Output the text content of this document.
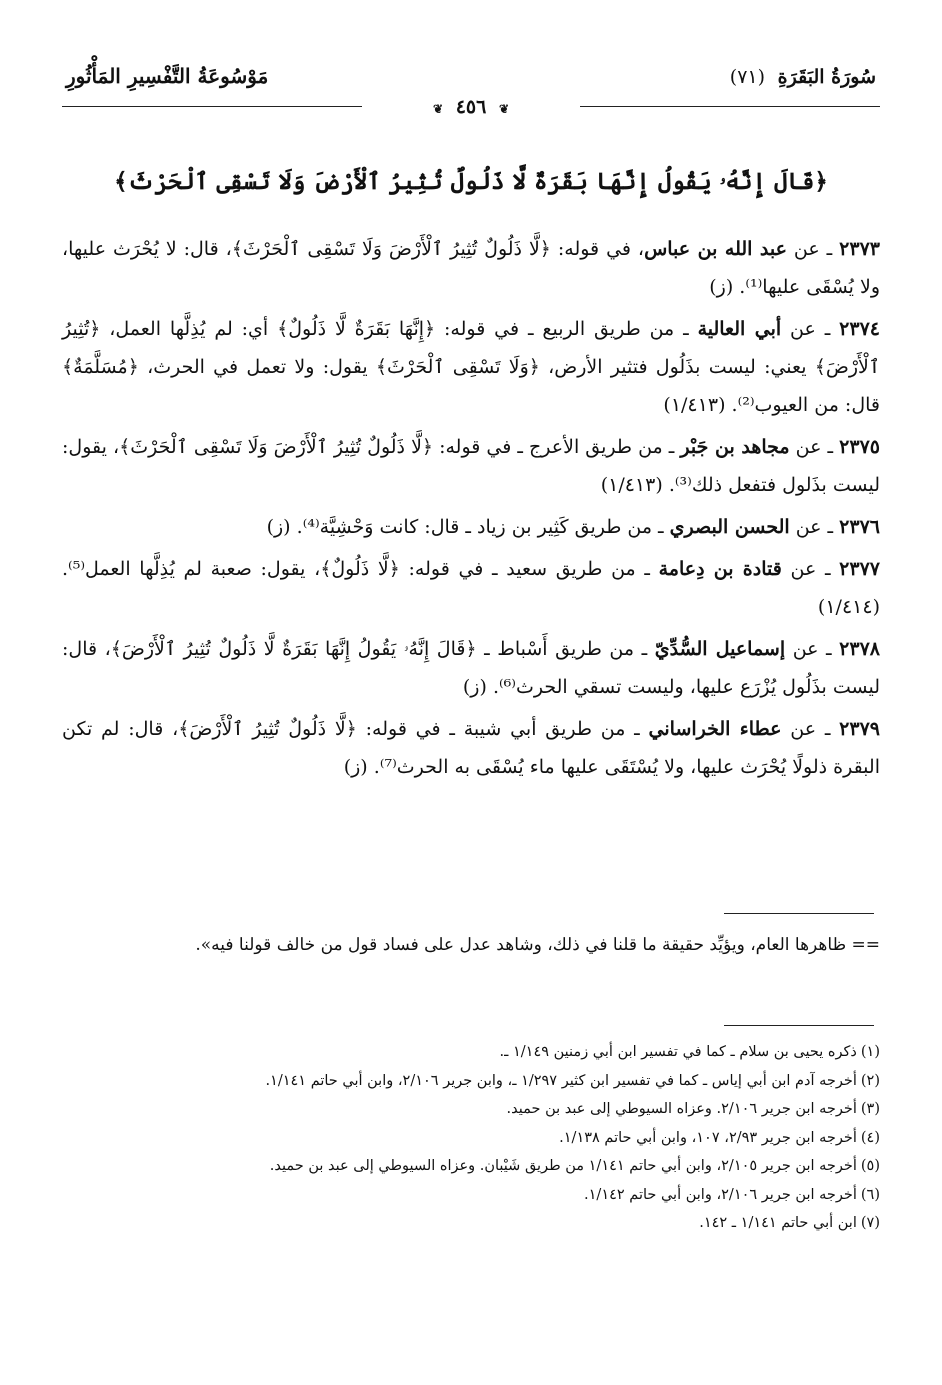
سُورَةُ البَقَرَةِ (٧١)
مَوْسُوعَةُ التَّفْسِيرِ المَأْثُورِ
❦ ٤٥٦ ❦
﴿قَالَ إِنَّهُۥ يَقُولُ إِنَّهَا بَقَرَةٌ لَّا ذَلُولٌ تُثِيرُ ٱلْأَرْضَ وَلَا تَسْقِى ٱلْحَرْثَ﴾

٢٣٧٣ ـ عن عبد الله بن عباس، في قوله: ﴿لَّا ذَلُولٌ تُثِيرُ ٱلْأَرْضَ وَلَا تَسْقِى ٱلْحَرْثَ﴾، قال: لا يُحْرَث عليها، ولا يُسْقَى عليها⁽¹⁾. (ز)

٢٣٧٤ ـ عن أبي العالية ـ من طريق الربيع ـ في قوله: ﴿إِنَّهَا بَقَرَةٌ لَّا ذَلُولٌ﴾ أي: لم يُذِلَّها العمل، ﴿تُثِيرُ ٱلْأَرْضَ﴾ يعني: ليست بذَلُول فتثير الأرض، ﴿وَلَا تَسْقِى ٱلْحَرْثَ﴾ يقول: ولا تعمل في الحرث، ﴿مُسَلَّمَةٌ﴾ قال: من العيوب⁽²⁾. (١/٤١٣)

٢٣٧٥ ـ عن مجاهد بن جَبْر ـ من طريق الأعرج ـ في قوله: ﴿لَّا ذَلُولٌ تُثِيرُ ٱلْأَرْضَ وَلَا تَسْقِى ٱلْحَرْثَ﴾، يقول: ليست بذَلول فتفعل ذلك⁽³⁾. (١/٤١٣)

٢٣٧٦ ـ عن الحسن البصري ـ من طريق كَثِير بن زياد ـ قال: كانت وَحْشِيَّة⁽⁴⁾. (ز)

٢٣٧٧ ـ عن قتادة بن دِعامة ـ من طريق سعيد ـ في قوله: ﴿لَّا ذَلُولٌ﴾، يقول: صعبة لم يُذِلَّها العمل⁽⁵⁾. (١/٤١٤)

٢٣٧٨ ـ عن إسماعيل السُّدِّيّ ـ من طريق أَسْباط ـ ﴿قَالَ إِنَّهُۥ يَقُولُ إِنَّهَا بَقَرَةٌ لَّا ذَلُولٌ تُثِيرُ ٱلْأَرْضَ﴾، قال: ليست بذَلُول يُزْرَع عليها، وليست تسقي الحرث⁽⁶⁾. (ز)

٢٣٧٩ ـ عن عطاء الخراساني ـ من طريق أبي شيبة ـ في قوله: ﴿لَّا ذَلُولٌ تُثِيرُ ٱلْأَرْضَ﴾، قال: لم تكن البقرة ذلولًا يُحْرَث عليها، ولا يُسْتَقَى عليها ماء يُسْقَى به الحرث⁽⁷⁾. (ز)

== ظاهرها العام، ويؤيِّد حقيقة ما قلنا في ذلك، وشاهد عدل على فساد قول من خالف قولنا فيه».

(١)ذكره يحيى بن سلام ـ كما في تفسير ابن أبي زمنين ١/١٤٩ ـ.

(٢)أخرجه آدم ابن أبي إياس ـ كما في تفسير ابن كثير ١/٢٩٧ ـ، وابن جرير ٢/١٠٦، وابن أبي حاتم ١/١٤١.

(٣)أخرجه ابن جرير ٢/١٠٦. وعزاه السيوطي إلى عبد بن حميد.

(٤)أخرجه ابن جرير ٢/٩٣، ١٠٧، وابن أبي حاتم ١/١٣٨.

(٥)أخرجه ابن جرير ٢/١٠٥، وابن أبي حاتم ١/١٤١ من طريق شَيْبان. وعزاه السيوطي إلى عبد بن حميد.

(٦)أخرجه ابن جرير ٢/١٠٦، وابن أبي حاتم ١/١٤٢.

(٧)ابن أبي حاتم ١/١٤١ ـ ١٤٢.
